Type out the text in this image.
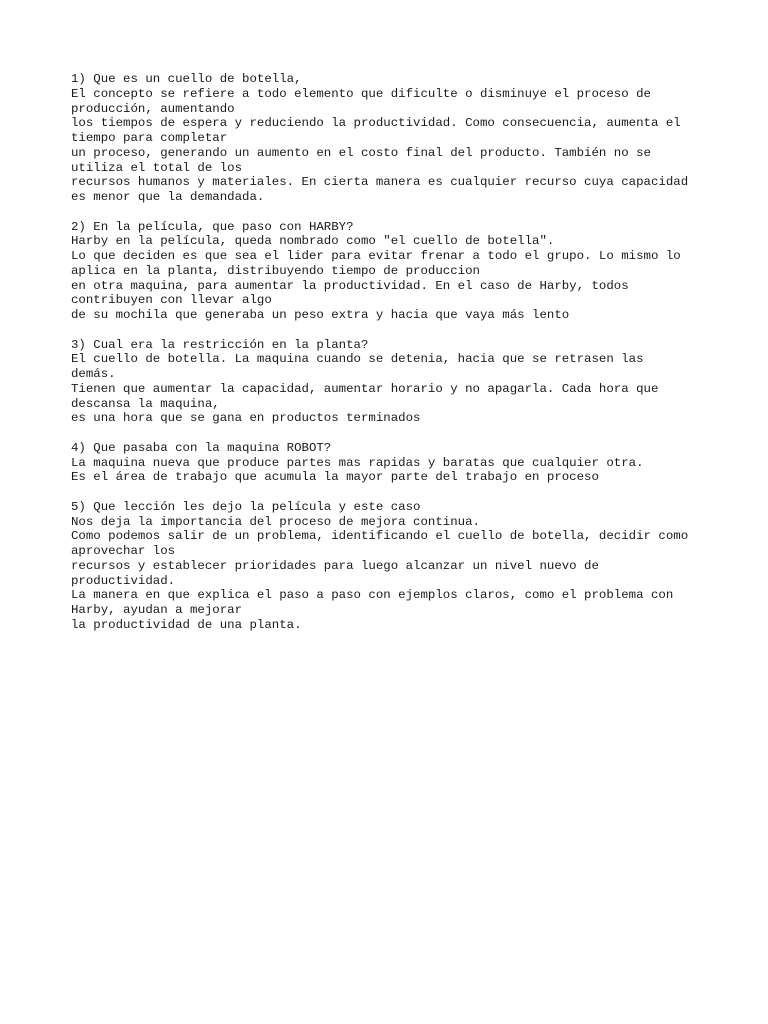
1) Que es un cuello de botella,
El concepto se refiere a todo elemento que dificulte o disminuye el proceso de
producción, aumentando
los tiempos de espera y reduciendo la productividad. Como consecuencia, aumenta el
tiempo para completar
un proceso, generando un aumento en el costo final del producto. También no se
utiliza el total de los
recursos humanos y materiales. En cierta manera es cualquier recurso cuya capacidad
es menor que la demandada.
2) En la película, que paso con HARBY?
Harby en la película, queda nombrado como "el cuello de botella".
Lo que deciden es que sea el lider para evitar frenar a todo el grupo. Lo mismo lo
aplica en la planta, distribuyendo tiempo de produccion
en otra maquina, para aumentar la productividad. En el caso de Harby, todos
contribuyen con llevar algo
de su mochila que generaba un peso extra y hacia que vaya más lento
3) Cual era la restricción en la planta?
El cuello de botella. La maquina cuando se detenia, hacia que se retrasen las
demás.
Tienen que aumentar la capacidad, aumentar horario y no apagarla. Cada hora que
descansa la maquina,
es una hora que se gana en productos terminados
4) Que pasaba con la maquina ROBOT?
La maquina nueva que produce partes mas rapidas y baratas que cualquier otra.
Es el área de trabajo que acumula la mayor parte del trabajo en proceso
5) Que lección les dejo la película y este caso
Nos deja la importancia del proceso de mejora continua.
Como podemos salir de un problema, identificando el cuello de botella, decidir como
aprovechar los
recursos y establecer prioridades para luego alcanzar un nivel nuevo de
productividad.
La manera en que explica el paso a paso con ejemplos claros, como el problema con
Harby, ayudan a mejorar
la productividad de una planta.
